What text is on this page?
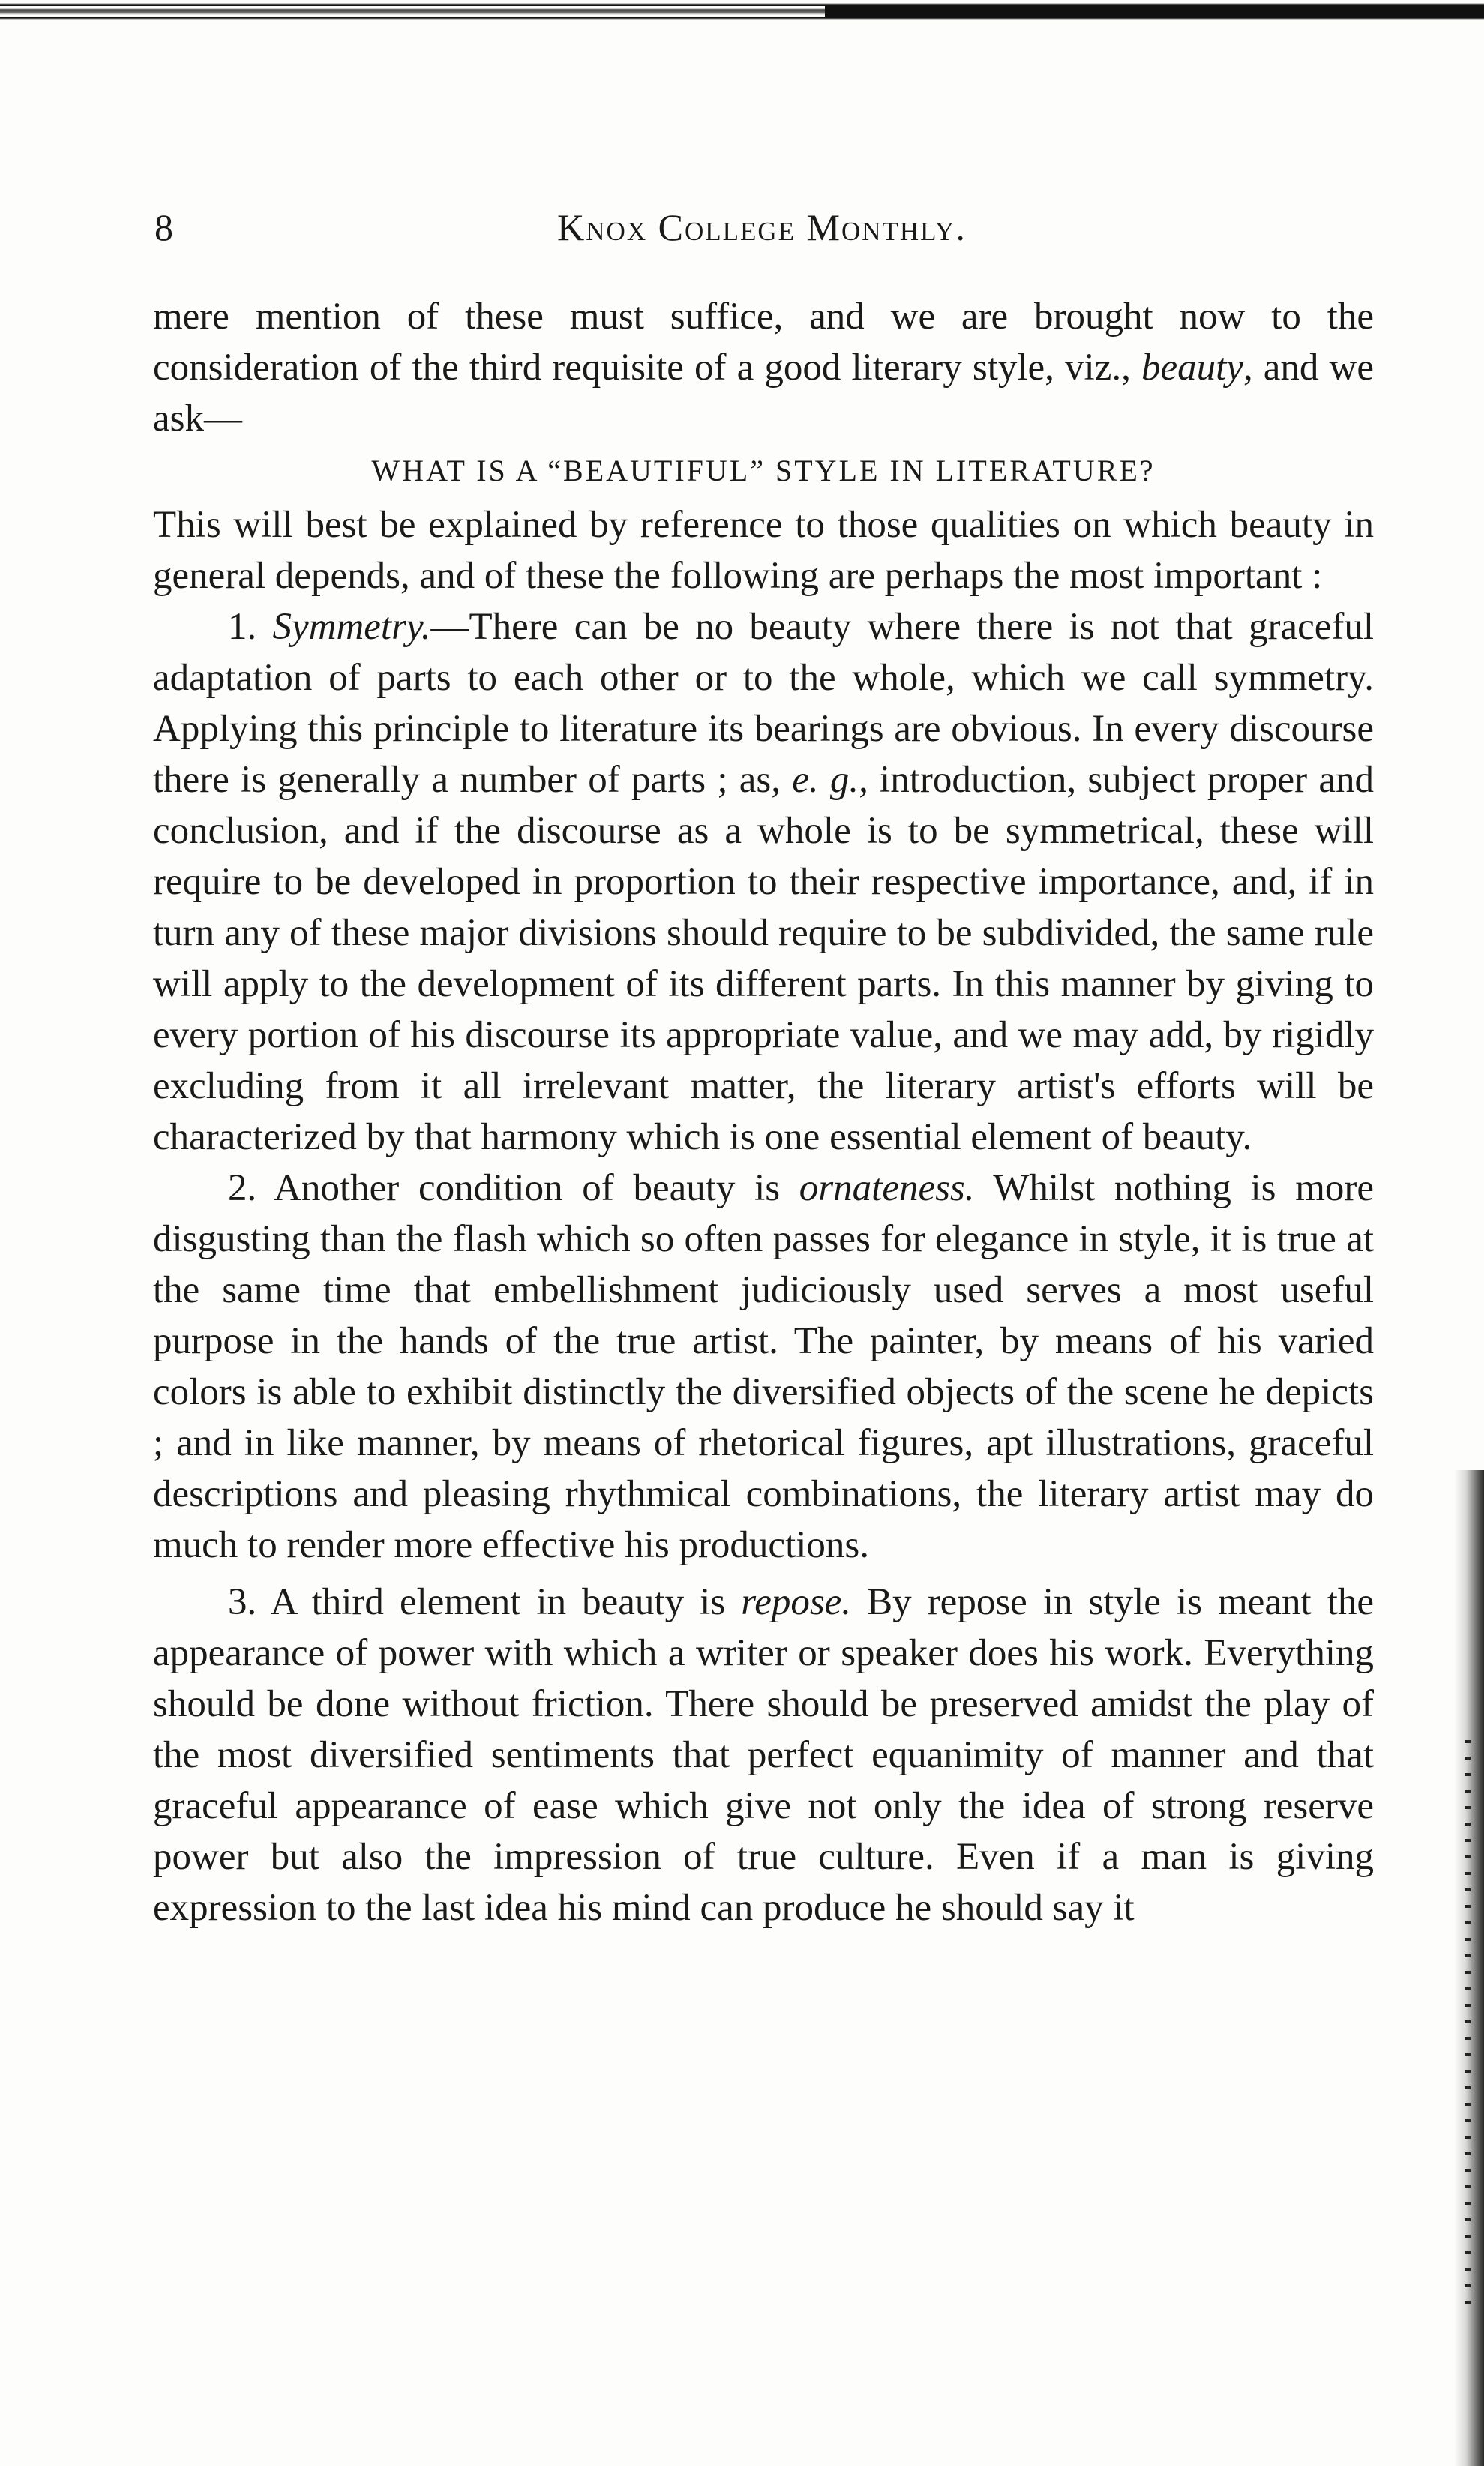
8	Knox College Monthly.

mere mention of these must suffice, and we are brought now to the consideration of the third requisite of a good literary style, viz., beauty, and we ask—

WHAT IS A “BEAUTIFUL” STYLE IN LITERATURE?

This will best be explained by reference to those qualities on which beauty in general depends, and of these the following are perhaps the most important :

1. Symmetry.—There can be no beauty where there is not that graceful adaptation of parts to each other or to the whole, which we call symmetry. Applying this principle to literature its bearings are obvious. In every discourse there is generally a number of parts ; as, e. g., introduction, subject proper and conclusion, and if the discourse as a whole is to be symmetrical, these will require to be developed in proportion to their respective importance, and, if in turn any of these major divisions should require to be subdivided, the same rule will apply to the development of its different parts. In this manner by giving to every portion of his discourse its appropriate value, and we may add, by rigidly excluding from it all irrelevant matter, the literary artist's efforts will be characterized by that harmony which is one essential element of beauty.

2. Another condition of beauty is ornateness. Whilst nothing is more disgusting than the flash which so often passes for elegance in style, it is true at the same time that embellishment judiciously used serves a most useful purpose in the hands of the true artist. The painter, by means of his varied colors is able to exhibit distinctly the diversified objects of the scene he depicts ; and in like manner, by means of rhetorical figures, apt illustrations, graceful descriptions and pleasing rhythmical combinations, the literary artist may do much to render more effective his productions.

3. A third element in beauty is repose. By repose in style is meant the appearance of power with which a writer or speaker does his work. Everything should be done without friction. There should be preserved amidst the play of the most diversified sentiments that perfect equanimity of manner and that graceful appearance of ease which give not only the idea of strong reserve power but also the impression of true culture. Even if a man is giving expression to the last idea his mind can produce he should say it
